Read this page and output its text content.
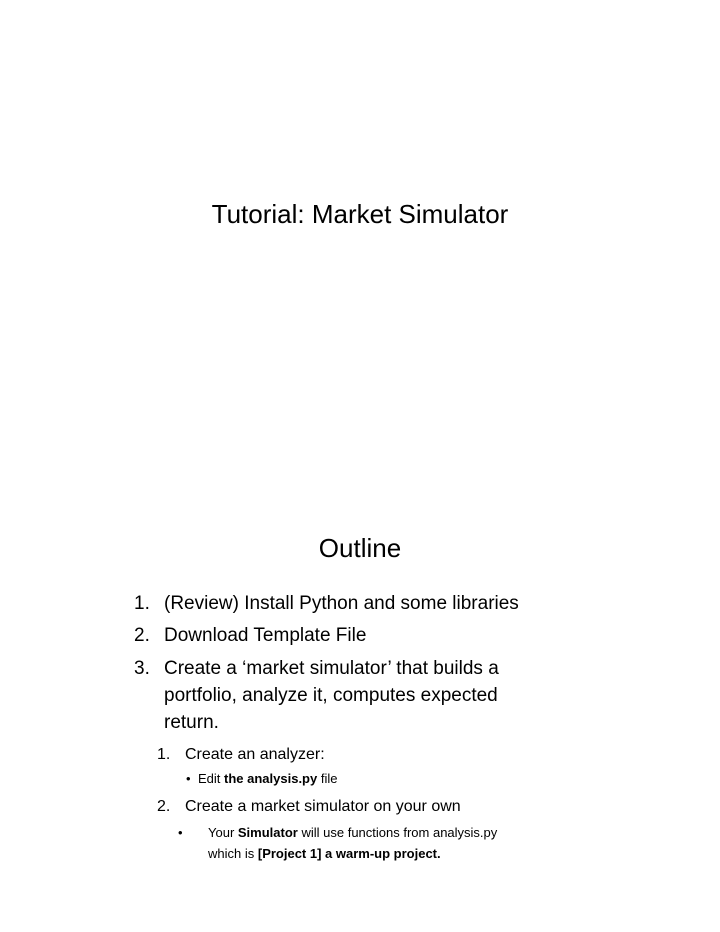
Tutorial: Market Simulator
Outline
1. (Review) Install Python and some libraries
2. Download Template File
3. Create a ‘market simulator’ that builds a
portfolio, analyze it, computes expected
return.
1. Create an analyzer:
• Edit the analysis.py file
2. Create a market simulator on your own
• Your Simulator will use functions from analysis.py
which is [Project 1] a warm-up project.
